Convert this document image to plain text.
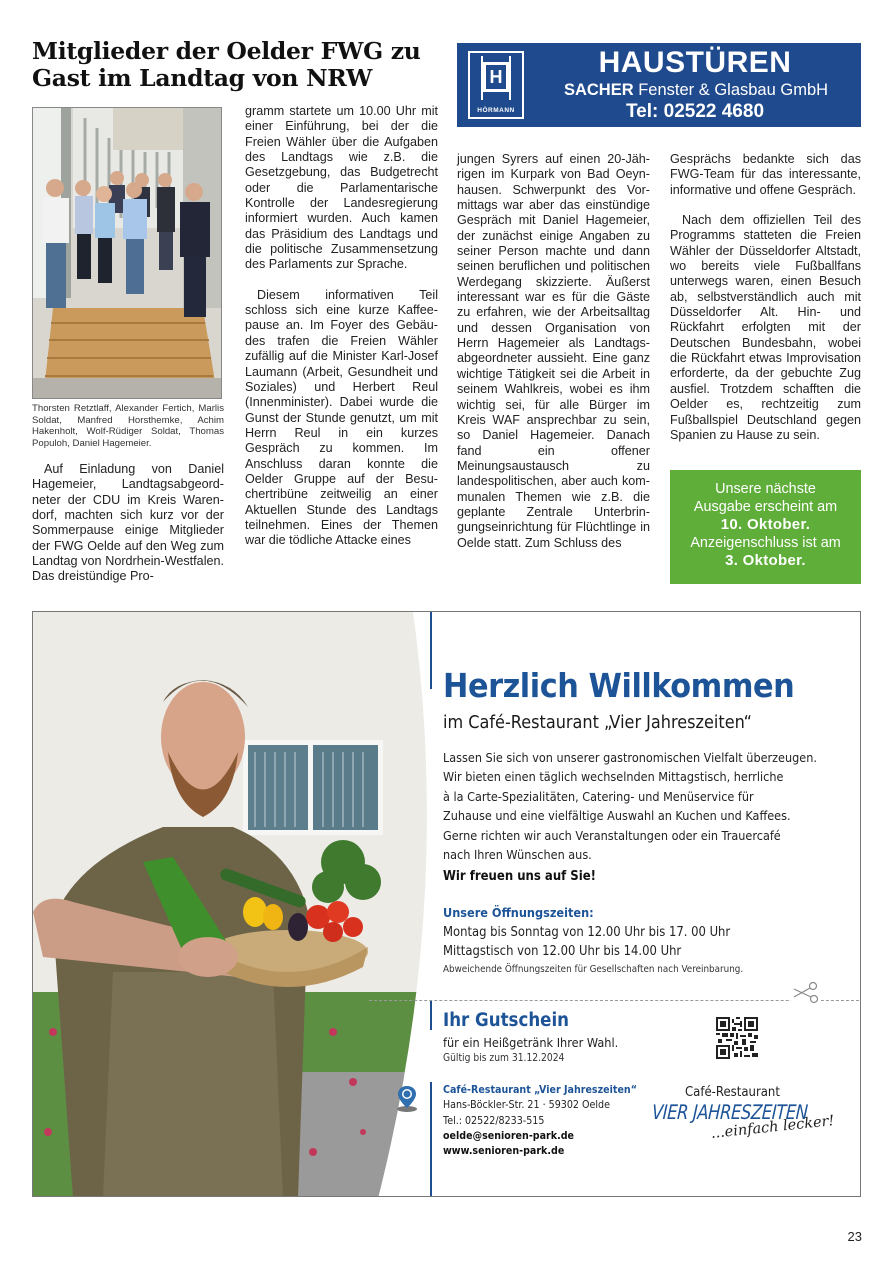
Mitglieder der Oelder FWG zu
Gast im Landtag von NRW	H
HÖRMANN
HAUSTÜREN
SACHER Fenster & Glasbau GmbH
Tel: 02522 4680
Thorsten Retztlaff, Alexander Fertich, Marlis Soldat, Manfred Horsthemke, Achim Hakenholt, Wolf-Rüdiger Soldat, Thomas Populoh, Daniel Hagemeier.

Auf Einladung von Daniel Hagemeier, Landtagsabgeordneter der CDU im Kreis Warendorf, machten sich kurz vor der Sommerpause einige Mitglieder der FWG Oelde auf den Weg zum Landtag von Nordrhein-Westfalen. Das dreistündige Pro-

gramm startete um 10.00 Uhr mit einer Einführung, bei der die Freien Wähler über die Aufgaben des Landtags wie z.B. die Gesetzgebung, das Budgetrecht oder die Parlamentarische Kontrolle der Landesregierung informiert wurden. Auch kamen das Präsidium des Landtags und die politische Zusammensetzung des Parlaments zur Sprache.

Diesem informativen Teil schloss sich eine kurze Kaffeepause an. Im Foyer des Gebäudes trafen die Freien Wähler zufällig auf die Minister Karl-Josef Laumann (Arbeit, Gesundheit und Soziales) und Herbert Reul (Innenminister). Dabei wurde die Gunst der Stunde genutzt, um mit Herrn Reul in ein kurzes Gespräch zu kommen. Im Anschluss daran konnte die Oelder Gruppe auf der Besuchertribüne zeitweilig an einer Aktuellen Stunde des Landtags teilnehmen. Eines der Themen war die tödliche Attacke eines

jungen Syrers auf einen 20-Jährigen im Kurpark von Bad Oeynhausen. Schwerpunkt des Vormittags war aber das einstündige Gespräch mit Daniel Hagemeier, der zunächst einige Angaben zu seiner Person machte und dann seinen beruflichen und politischen Werdegang skizzierte. Äußerst interessant war es für die Gäste zu erfahren, wie der Arbeitsalltag und dessen Organisation von Herrn Hagemeier als Landtagsabgeordneter aussieht. Eine ganz wichtige Tätigkeit sei die Arbeit in seinem Wahlkreis, wobei es ihm wichtig sei, für alle Bürger im Kreis WAF ansprechbar zu sein, so Daniel Hagemeier. Danach fand ein offener Meinungsaustausch zu landespolitischen, aber auch kommunalen Themen wie z.B. die geplante Zentrale Unterbringungseinrichtung für Flüchtlinge in Oelde statt. Zum Schluss des

Gesprächs bedankte sich das FWG-Team für das interessante, informative und offene Gespräch.

Nach dem offiziellen Teil des Programms statteten die Freien Wähler der Düsseldorfer Altstadt, wo bereits viele Fußballfans unterwegs waren, einen Besuch ab, selbstverständlich auch mit Düsseldorfer Alt. Hin- und Rückfahrt erfolgten mit der Deutschen Bundesbahn, wobei die Rückfahrt etwas Improvisation erforderte, da der gebuchte Zug ausfiel. Trotzdem schafften die Oelder es, rechtzeitig zum Fußballspiel Deutschland gegen Spanien zu Hause zu sein.

Unsere nächste
Ausgabe erscheint am
10. Oktober.
Anzeigenschluss ist am
3. Oktober.
Herzlich Willkommen
im Café-Restaurant „Vier Jahreszeiten“
Lassen Sie sich von unserer gastronomischen Vielfalt überzeugen.
Wir bieten einen täglich wechselnden Mittagstisch, herrliche
à la Carte-Spezialitäten, Catering- und Menüservice für
Zuhause und eine vielfältige Auswahl an Kuchen und Kaffees.
Gerne richten wir auch Veranstaltungen oder ein Trauercafé
nach Ihren Wünschen aus.
Wir freuen uns auf Sie!
Unsere Öffnungszeiten:
Montag bis Sonntag von 12.00 Uhr bis 17. 00 Uhr
Mittagstisch von 12.00 Uhr bis 14.00 Uhr
Abweichende Öffnungszeiten für Gesellschaften nach Vereinbarung.
Ihr Gutschein
für ein Heißgetränk Ihrer Wahl.
Gültig bis zum 31.12.2024
Café-Restaurant „Vier Jahreszeiten“
Hans-Böckler-Str. 21 · 59302 Oelde
Tel.: 02522/8233-515
oelde@senioren-park.de
www.senioren-park.de
Café-Restaurant
VIER JAHRESZEITEN
...einfach lecker!
23
